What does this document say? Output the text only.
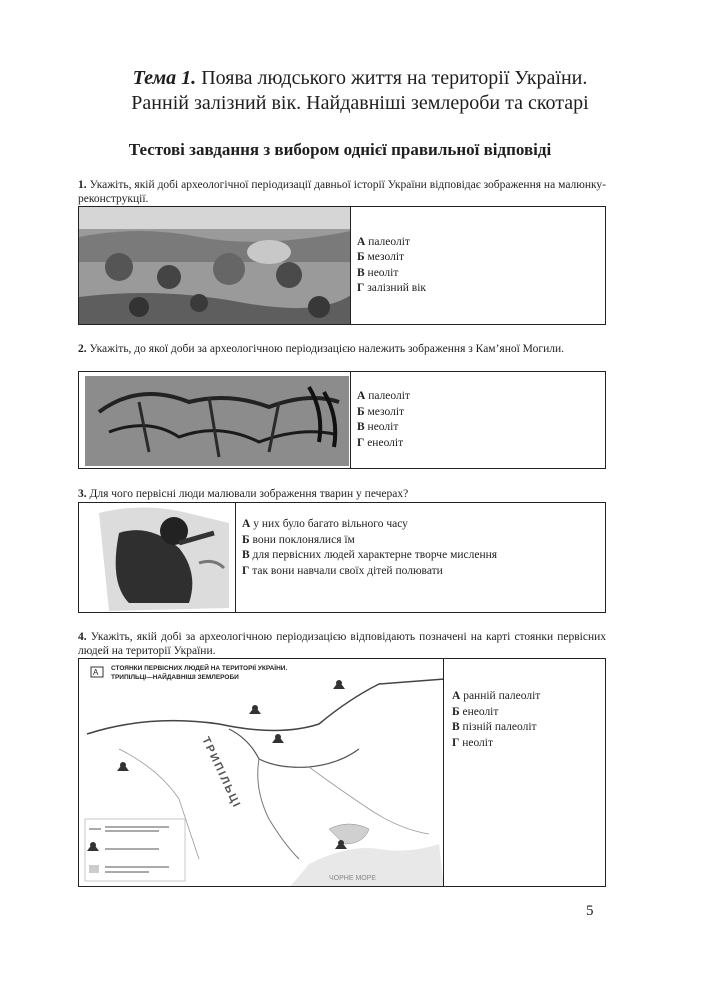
Тема 1. Поява людського життя на території України.
Ранній залізний вік. Найдавніші землероби та скотарі
Тестові завдання з вибором однієї правильної відповіді
1. Укажіть, якій добі археологічної періодизації давньої історії України відповідає зображення на малюнку-реконструкції.
А палеоліт
Б мезоліт
В неоліт
Г залізний вік
2. Укажіть, до якої доби за археологічною періодизацією належить зображення з Кам’яної Могили.
А палеоліт
Б мезоліт
В неоліт
Г енеоліт
3. Для чого первісні люди малювали зображення тварин у печерах?
А у них було багато вільного часу
Б вони поклонялися їм
В для первісних людей характерне творче мислення
Г так вони навчали своїх дітей полювати
4. Укажіть, якій добі за археологічною періодизацією відповідають позначені на карті стоянки первісних людей на території України.
А СТОЯНКИ ПЕРВІСНИХ ЛЮДЕЙ НА ТЕРИТОРІЇ УКРАЇНИ.
ТРИПІЛЬЦІ—НАЙДАВНІШІ ЗЕМЛЕРОБИ
ТРИПІЛЬЦІ
ЧОРНЕ МОРЕ
А ранній палеоліт
Б енеоліт
В пізній палеоліт
Г неоліт
5
